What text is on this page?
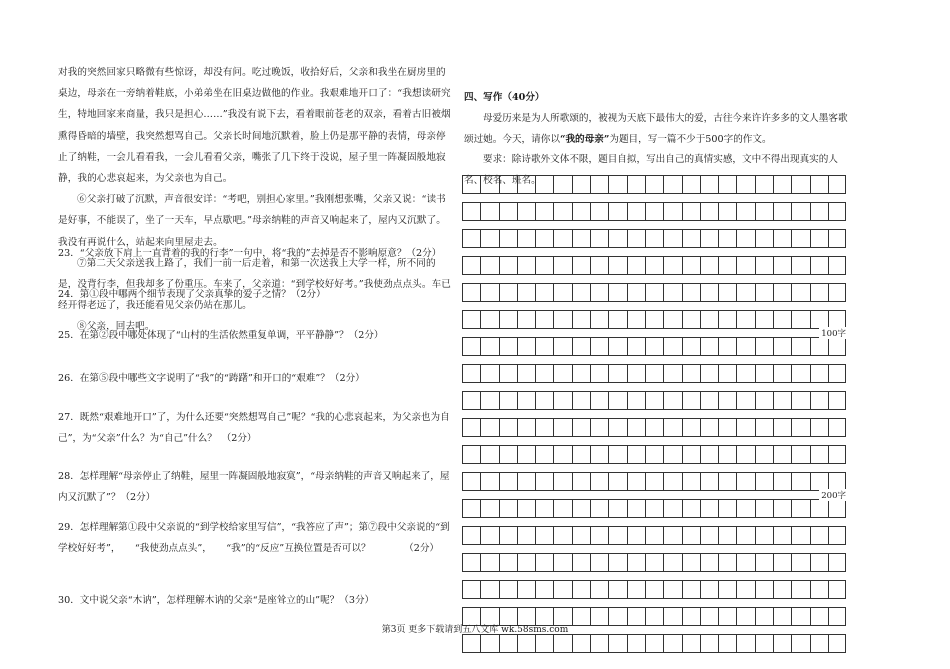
对我的突然回家只略微有些惊讶，却没有问。吃过晚饭，收拾好后，父亲和我坐在厨房里的桌边，母亲在一旁纳着鞋底，小弟弟坐在旧桌边做他的作业。我艰难地开口了：“我想读研究生，特地回家来商量，我只是担心……”我没有说下去，看着眼前苍老的双亲，看着古旧被烟熏得昏暗的墙壁，我突然想骂自己。父亲长时间地沉默着，脸上仍是那平静的表情，母亲停止了纳鞋，一会儿看看我，一会儿看看父亲，嘴张了几下终于没说，屋子里一阵凝固般地寂静，我的心悲哀起来，为父亲也为自己。

⑥父亲打破了沉默，声音很安详：“考吧，别担心家里。”我刚想张嘴，父亲又说：“读书是好事，不能误了，坐了一天车，早点歇吧。”母亲纳鞋的声音又响起来了，屋内又沉默了。我没有再说什么，站起来向里屋走去。

⑦第二天父亲送我上路了，我们一前一后走着，和第一次送我上大学一样，所不同的是，没背行李，但我却多了份重压。车来了，父亲道：“到学校好好考。”我使劲点点头。车已经开得老远了，我还能看见父亲仍站在那儿。

⑧父亲，回去吧。

23．“父亲放下肩上一直背着的我的行李”一句中，将“我的”去掉是否不影响原意？（2分）

24．第①段中哪两个细节表现了父亲真挚的爱子之情？（2分）

25．在第②段中哪处体现了“山村的生活依然重复单调，平平静静”？（2分）

26．在第⑤段中哪些文字说明了“我”的“踌躇”和开口的“艰难”？（2分）

27．既然“艰难地开口”了，为什么还要“突然想骂自己”呢？“我的心悲哀起来，为父亲也为自己”，为“父亲”什么？为“自己”什么？　（2分）

28．怎样理解“母亲停止了纳鞋，屋里一阵凝固般地寂寞”，“母亲纳鞋的声音又响起来了，屋内又沉默了”？（2分）

29．怎样理解第①段中父亲说的“到学校给家里写信”，“我答应了声”；第⑦段中父亲说的“到学校好好考”，　　“我使劲点点头”，　　“我”的“反应”互换位置是否可以？　　　　（2分）

30．文中说父亲“木讷”，怎样理解木讷的父亲“是座耸立的山”呢？（3分）

四、写作（40分）

母爱历来是为人所歌颂的，被视为天底下最伟大的爱，古往今来许许多多的文人墨客歌颂过她。今天，请你以“我的母亲”为题目，写一篇不少于500字的作文。

要求：除诗歌外文体不限，题目自拟，写出自己的真情实感，文中不得出现真实的人名、校名、班名。

100字
200字
第3页 更多下载请到五八文库 wk.58sms.com
